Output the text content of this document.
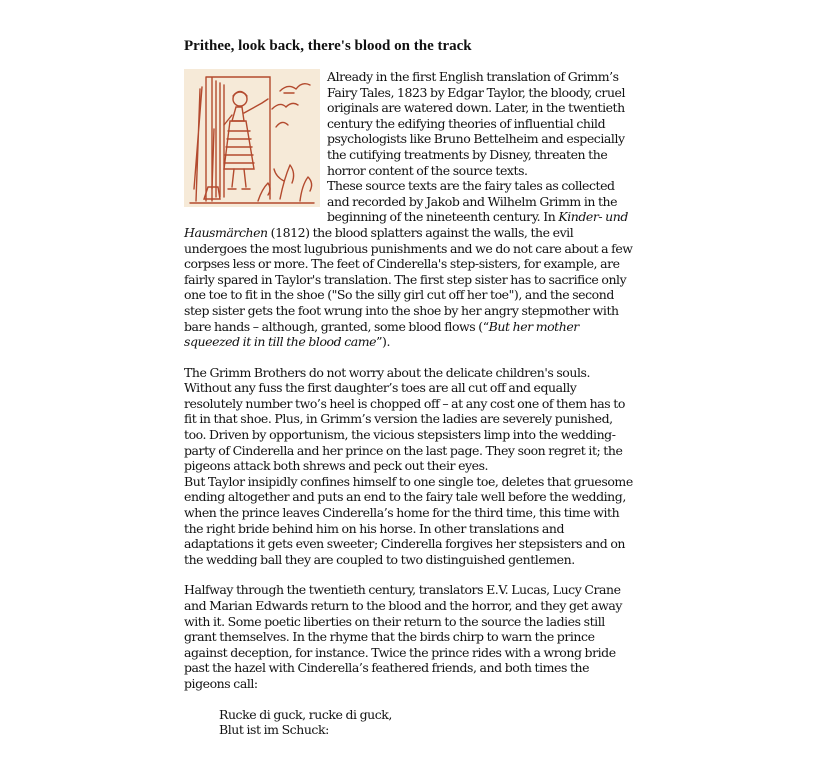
Prithee, look back, there's blood on the track

Already in the first English translation of Grimm’s Fairy Tales, 1823 by Edgar Taylor, the bloody, cruel originals are watered down. Later, in the twentieth century the edifying theories of influential child psychologists like Bruno Bettelheim and especially the cutifying treatments by Disney, threaten the horror content of the source texts.

These source texts are the fairy tales as collected and recorded by Jakob and Wilhelm Grimm in the beginning of the nineteenth century. In Kinder- und Hausmärchen (1812) the blood splatters against the walls, the evil undergoes the most lugubrious punishments and we do not care about a few corpses less or more. The feet of Cinderella's step-sisters, for example, are fairly spared in Taylor's translation. The first step sister has to sacrifice only one toe to fit in the shoe ("So the silly girl cut off her toe"), and the second step sister gets the foot wrung into the shoe by her angry stepmother with bare hands – although, granted, some blood flows (“But her mother squeezed it in till the blood came”).

The Grimm Brothers do not worry about the delicate children's souls. Without any fuss the first daughter’s toes are all cut off and equally resolutely number two’s heel is chopped off – at any cost one of them has to fit in that shoe. Plus, in Grimm’s version the ladies are severely punished, too. Driven by opportunism, the vicious stepsisters limp into the wedding-party of Cinderella and her prince on the last page. They soon regret it; the pigeons attack both shrews and peck out their eyes.

But Taylor insipidly confines himself to one single toe, deletes that gruesome ending altogether and puts an end to the fairy tale well before the wedding, when the prince leaves Cinderella’s home for the third time, this time with the right bride behind him on his horse. In other translations and adaptations it gets even sweeter; Cinderella forgives her stepsisters and on the wedding ball they are coupled to two distinguished gentlemen.

Halfway through the twentieth century, translators E.V. Lucas, Lucy Crane and Marian Edwards return to the blood and the horror, and they get away with it. Some poetic liberties on their return to the source the ladies still grant themselves. In the rhyme that the birds chirp to warn the prince against deception, for instance. Twice the prince rides with a wrong bride past the hazel with Cinderella’s feathered friends, and both times the pigeons call:

Rucke di guck, rucke di guck,

Blut ist im Schuck:
